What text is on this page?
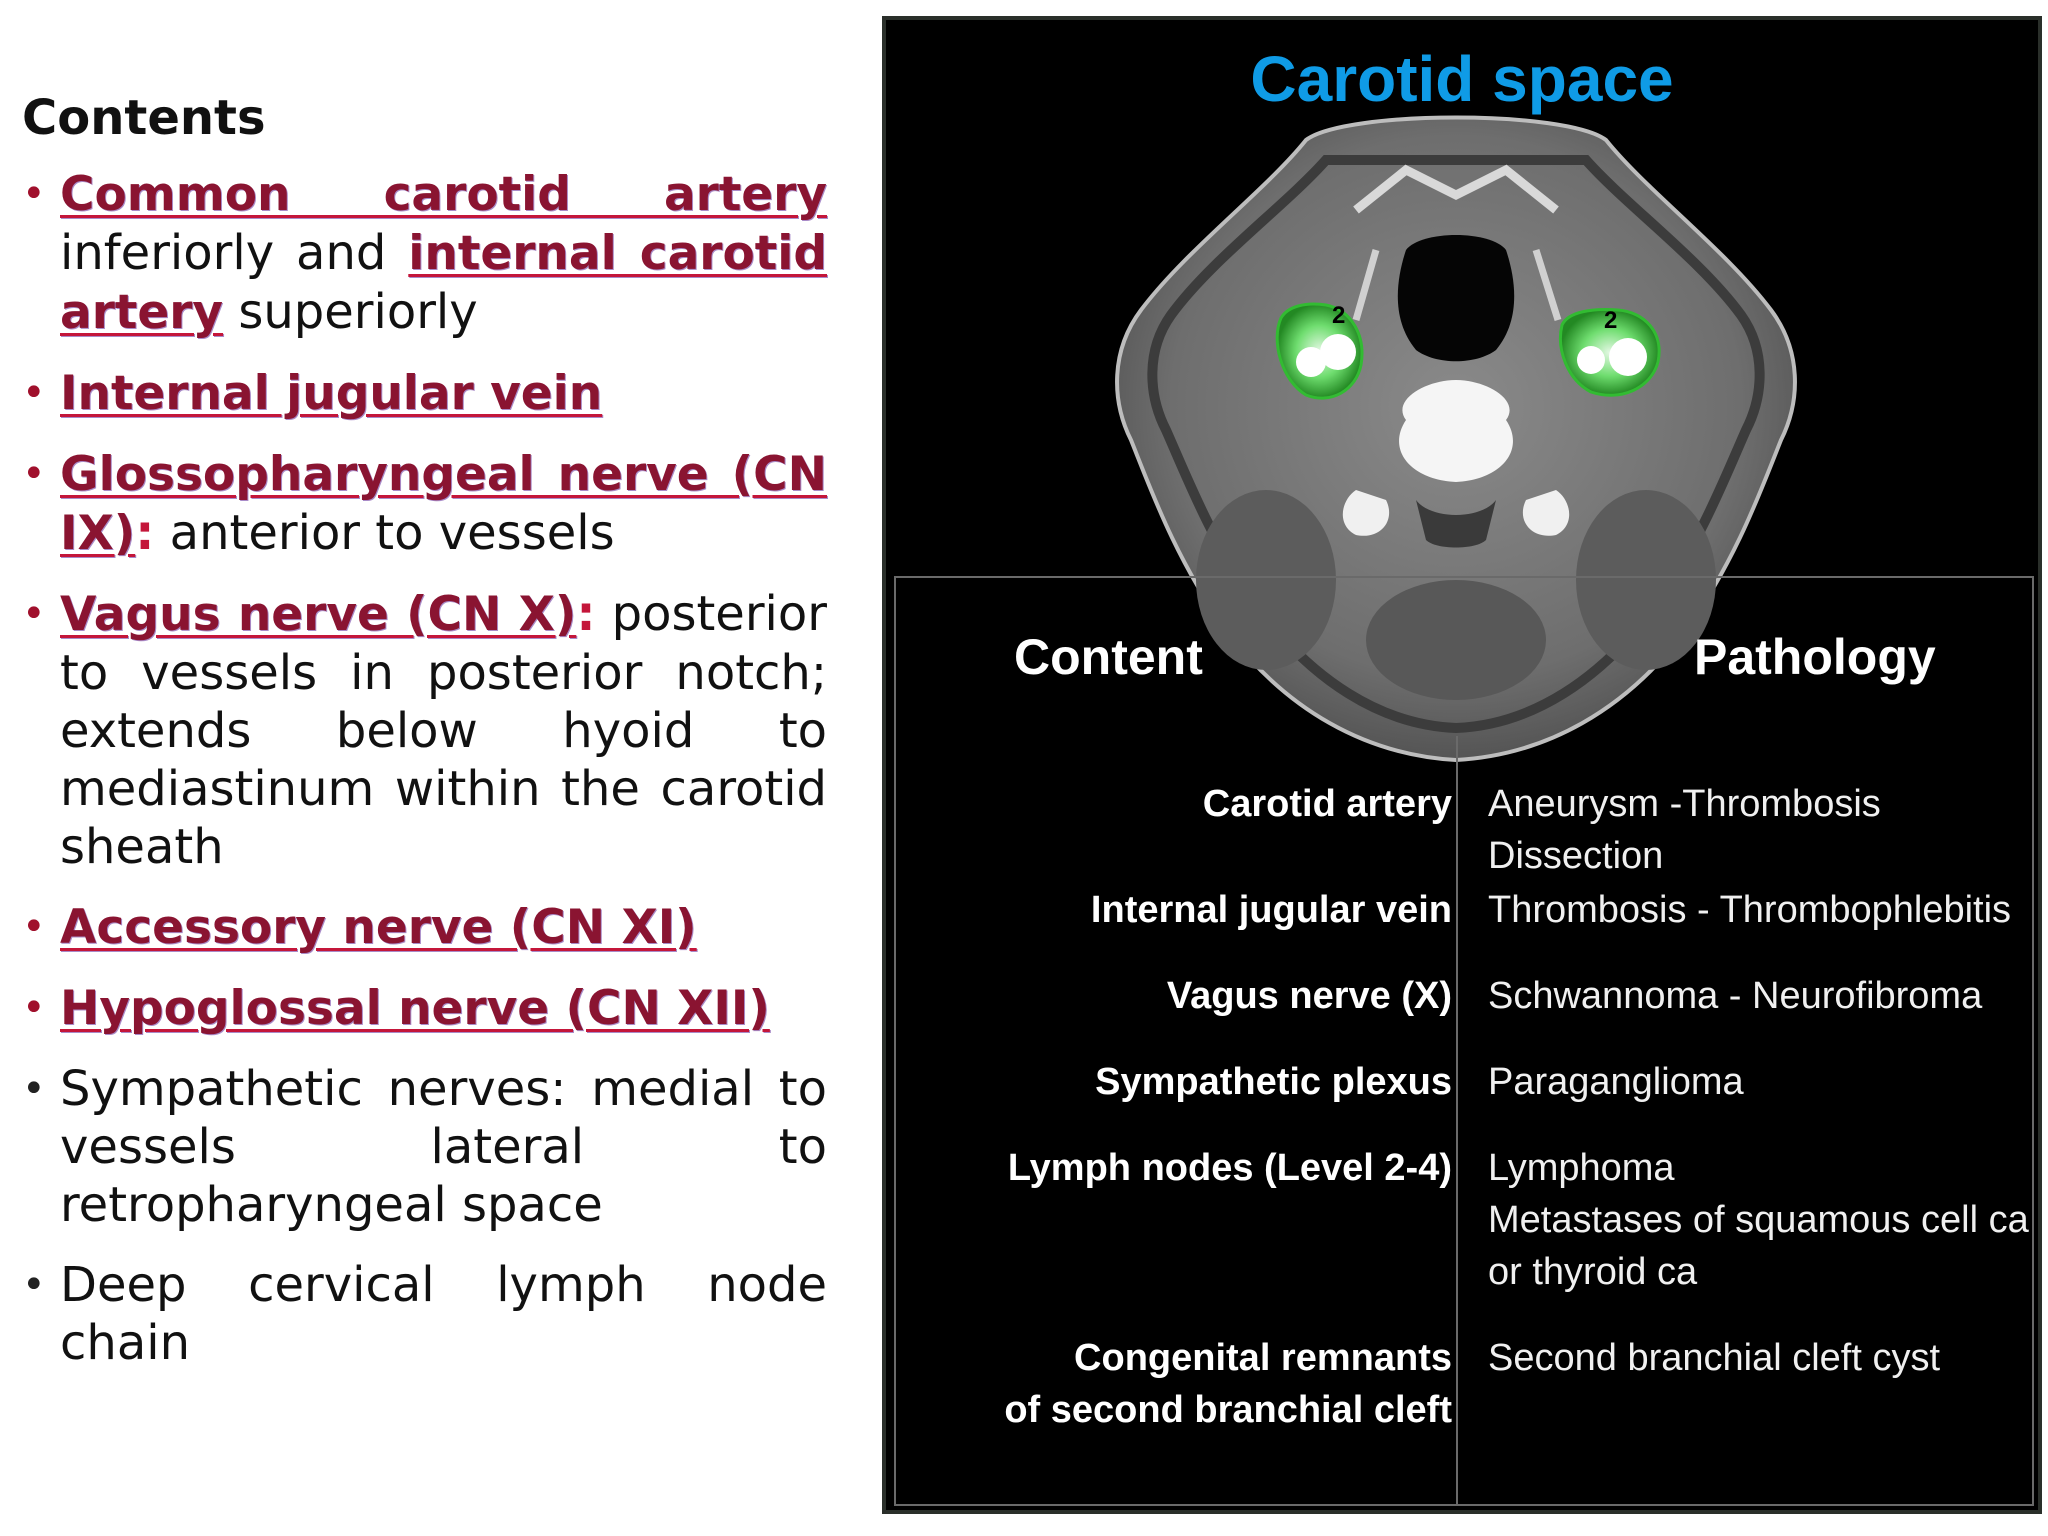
Contents
• Common carotid artery inferiorly and internal carotid artery superiorly
• Internal jugular vein
• Glossopharyngeal nerve (CN IX): anterior to vessels
• Vagus nerve (CN X): posterior to vessels in posterior notch; extends below hyoid to mediastinum within the carotid sheath
• Accessory nerve (CN XI)
• Hypoglossal nerve (CN XII)
• Sympathetic nerves: medial to vessels lateral to retropharyngeal space
• Deep cervical lymph node chain
2	2
Carotid space
Content	Pathology
Carotid artery Aneurysm -Thrombosis
Dissection
Internal jugular vein Thrombosis - Thrombophlebitis
Vagus nerve (X) Schwannoma - Neurofibroma
Sympathetic plexus Paraganglioma
Lymph nodes (Level 2-4) Lymphoma
Metastases of squamous cell ca
or thyroid ca
Congenital remnants
of second branchial cleft
Second branchial cleft cyst
